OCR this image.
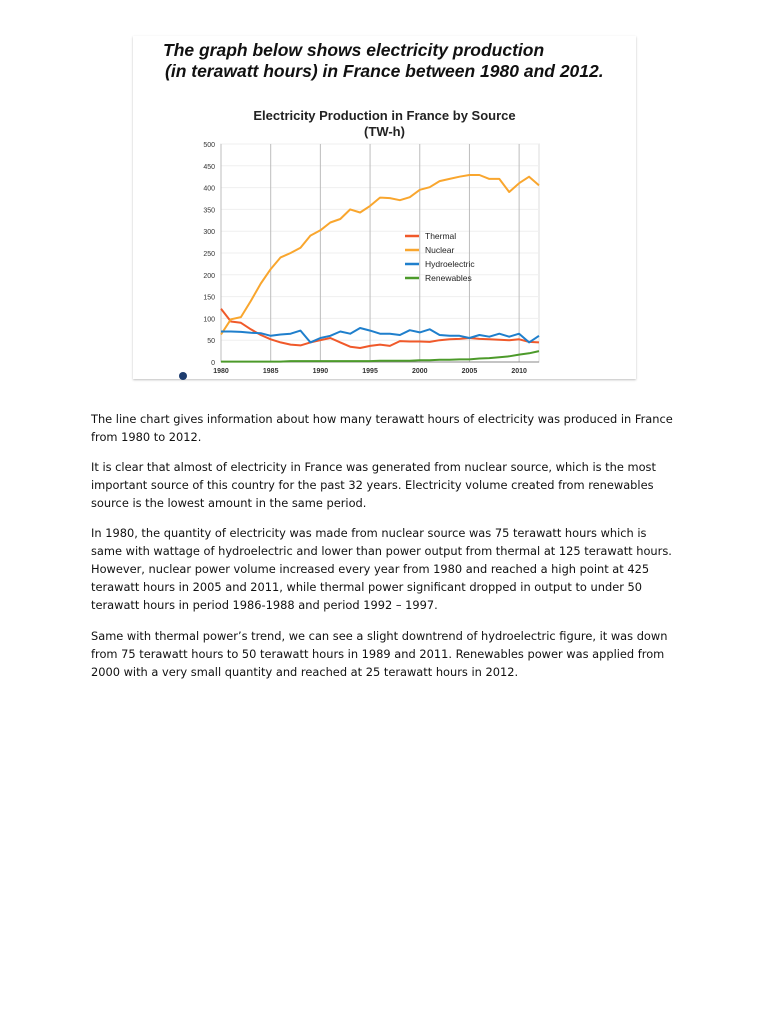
The graph below shows electricity production
(in terawatt hours) in France between 1980 and 2012.
Electricity Production in France by Source
(TW-h)
0
50
100
150
200
250
300
350
400
450
500
1980	1985	1990	1995	2000	2005	2010
Thermal
Nuclear
Hydroelectric
Renewables

The line chart gives information about how many terawatt hours of electricity was produced in France from 1980 to 2012.

It is clear that almost of electricity in France was generated from nuclear source, which is the most important source of this country for the past 32 years. Electricity volume created from renewables source is the lowest amount in the same period.

In 1980, the quantity of electricity was made from nuclear source was 75 terawatt hours which is same with wattage of hydroelectric and lower than power output from thermal at 125 terawatt hours. However, nuclear power volume increased every year from 1980 and reached a high point at 425 terawatt hours in 2005 and 2011, while thermal power significant dropped in output to under 50 terawatt hours in period 1986-1988 and period 1992 – 1997.

Same with thermal power’s trend, we can see a slight downtrend of hydroelectric figure, it was down from 75 terawatt hours to 50 terawatt hours in 1989 and 2011. Renewables power was applied from 2000 with a very small quantity and reached at 25 terawatt hours in 2012.
